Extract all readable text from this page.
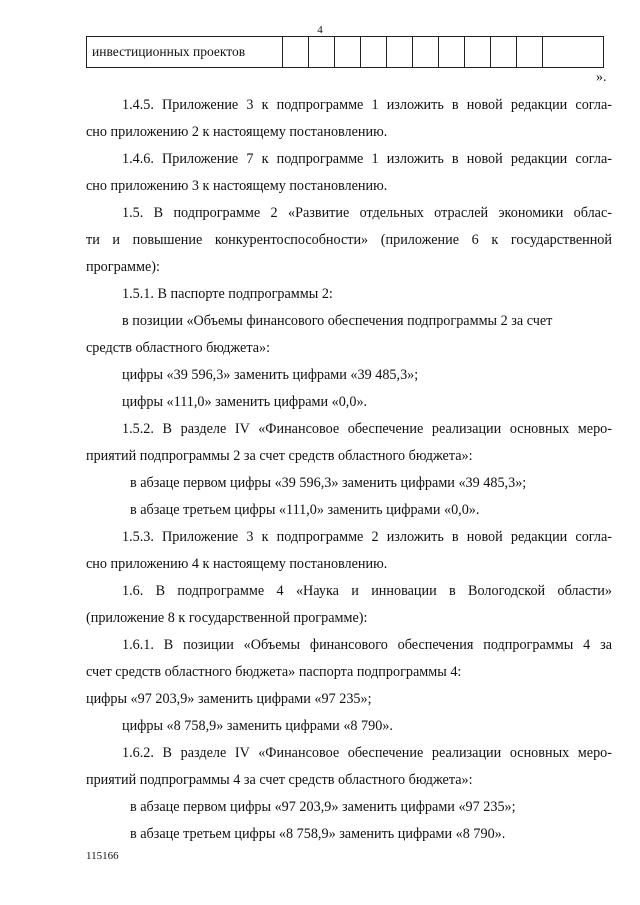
4
инвестиционных проектов											
».
1.4.5. Приложение 3 к подпрограмме 1 изложить в новой редакции согла-
сно приложению 2 к настоящему постановлению.
1.4.6. Приложение 7 к подпрограмме 1 изложить в новой редакции согла-
сно приложению 3 к настоящему постановлению.
1.5. В подпрограмме 2 «Развитие отдельных отраслей экономики облас-
ти и повышение конкурентоспособности» (приложение 6 к государственной
программе):
1.5.1. В паспорте подпрограммы 2:
в позиции «Объемы финансового обеспечения подпрограммы 2 за счет
средств областного бюджета»:
цифры «39 596,3» заменить цифрами «39 485,3»;
цифры «111,0» заменить цифрами «0,0».
1.5.2. В разделе IV «Финансовое обеспечение реализации основных меро-
приятий подпрограммы 2 за счет средств областного бюджета»:
в абзаце первом цифры «39 596,3» заменить цифрами «39 485,3»;
в абзаце третьем цифры «111,0» заменить цифрами «0,0».
1.5.3. Приложение 3 к подпрограмме 2 изложить в новой редакции согла-
сно приложению 4 к настоящему постановлению.
1.6. В подпрограмме 4 «Наука и инновации в Вологодской области»
(приложение 8 к государственной программе):
1.6.1. В позиции «Объемы финансового обеспечения подпрограммы 4 за
счет средств областного бюджета» паспорта подпрограммы 4:
цифры «97 203,9» заменить цифрами «97 235»;
цифры «8 758,9» заменить цифрами «8 790».
1.6.2. В разделе IV «Финансовое обеспечение реализации основных меро-
приятий подпрограммы 4 за счет средств областного бюджета»:
в абзаце первом цифры «97 203,9» заменить цифрами «97 235»;
в абзаце третьем цифры «8 758,9» заменить цифрами «8 790».
115166
